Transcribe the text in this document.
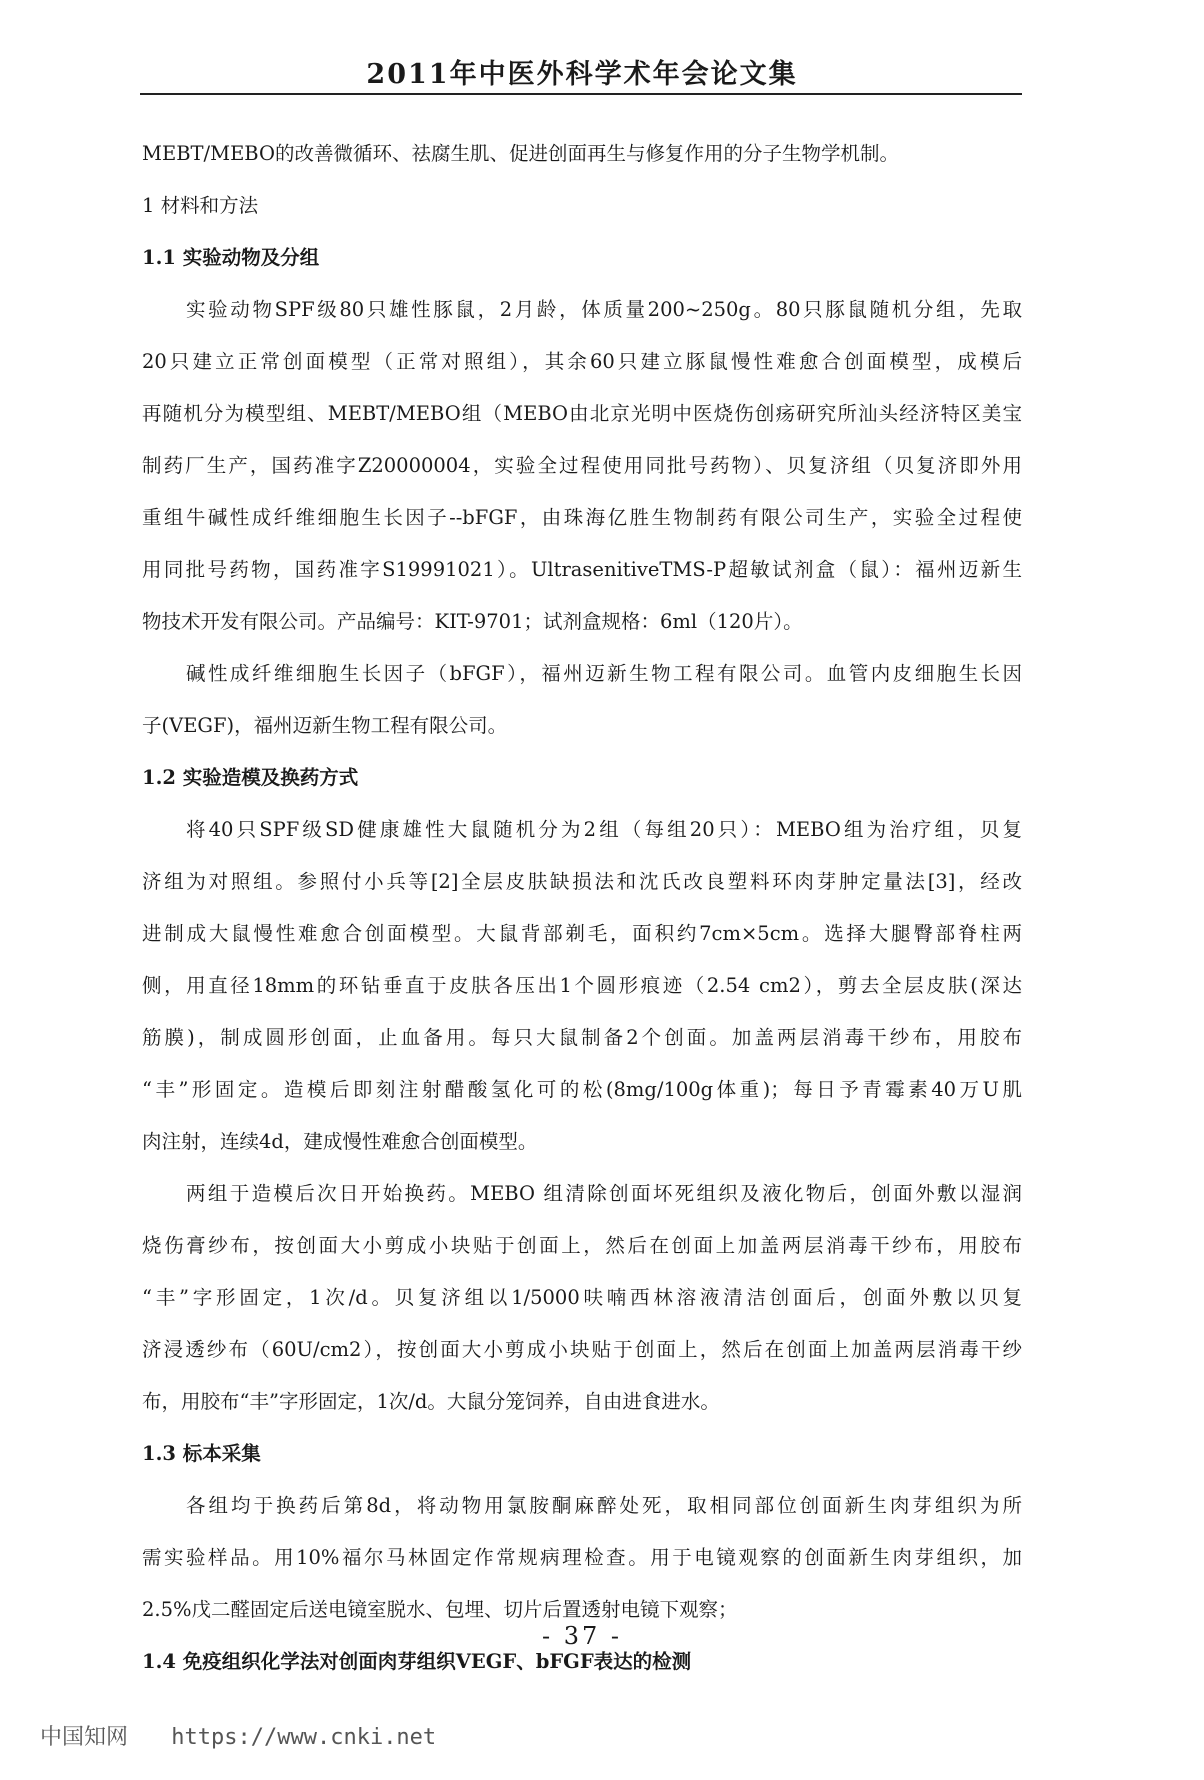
2011年中医外科学术年会论文集
MEBT/MEBO的改善微循环、祛腐生肌、促进创面再生与修复作用的分子生物学机制。
1 材料和方法
1.1 实验动物及分组
实验动物SPF级80只雄性豚鼠，2月龄，体质量200~250g。80只豚鼠随机分组，先取
20只建立正常创面模型（正常对照组），其余60只建立豚鼠慢性难愈合创面模型，成模后
再随机分为模型组、MEBT/MEBO组（MEBO由北京光明中医烧伤创疡研究所汕头经济特区美宝
制药厂生产，国药准字Z20000004，实验全过程使用同批号药物）、贝复济组（贝复济即外用
重组牛碱性成纤维细胞生长因子--bFGF，由珠海亿胜生物制药有限公司生产，实验全过程使
用同批号药物，国药准字S19991021）。UltrasenitiveTMS-P超敏试剂盒（鼠）：福州迈新生
物技术开发有限公司。产品编号：KIT-9701；试剂盒规格：6ml（120片）。
碱性成纤维细胞生长因子（bFGF），福州迈新生物工程有限公司。血管内皮细胞生长因
子(VEGF)，福州迈新生物工程有限公司。
1.2 实验造模及换药方式
将40只SPF级SD健康雄性大鼠随机分为2组（每组20只）：MEBO组为治疗组，贝复
济组为对照组。参照付小兵等[2]全层皮肤缺损法和沈氏改良塑料环肉芽肿定量法[3]，经改
进制成大鼠慢性难愈合创面模型。大鼠背部剃毛，面积约7cm×5cm。选择大腿臀部脊柱两
侧，用直径18mm的环钻垂直于皮肤各压出1个圆形痕迹（2.54 cm2），剪去全层皮肤(深达
筋膜)，制成圆形创面，止血备用。每只大鼠制备2个创面。加盖两层消毒干纱布，用胶布
“丰”形固定。造模后即刻注射醋酸氢化可的松(8mg/100g体重)；每日予青霉素40万U肌
肉注射，连续4d，建成慢性难愈合创面模型。
两组于造模后次日开始换药。MEBO 组清除创面坏死组织及液化物后，创面外敷以湿润
烧伤膏纱布，按创面大小剪成小块贴于创面上，然后在创面上加盖两层消毒干纱布，用胶布
“丰”字形固定，1次/d。贝复济组以1/5000呋喃西林溶液清洁创面后，创面外敷以贝复
济浸透纱布（60U/cm2），按创面大小剪成小块贴于创面上，然后在创面上加盖两层消毒干纱
布，用胶布“丰”字形固定，1次/d。大鼠分笼饲养，自由进食进水。
1.3 标本采集
各组均于换药后第8d，将动物用氯胺酮麻醉处死，取相同部位创面新生肉芽组织为所
需实验样品。用10%福尔马林固定作常规病理检查。用于电镜观察的创面新生肉芽组织，加
2.5%戊二醛固定后送电镜室脱水、包埋、切片后置透射电镜下观察；
1.4 免疫组织化学法对创面肉芽组织VEGF、bFGF表达的检测
- 37 -
中国知网 https://www.cnki.net
